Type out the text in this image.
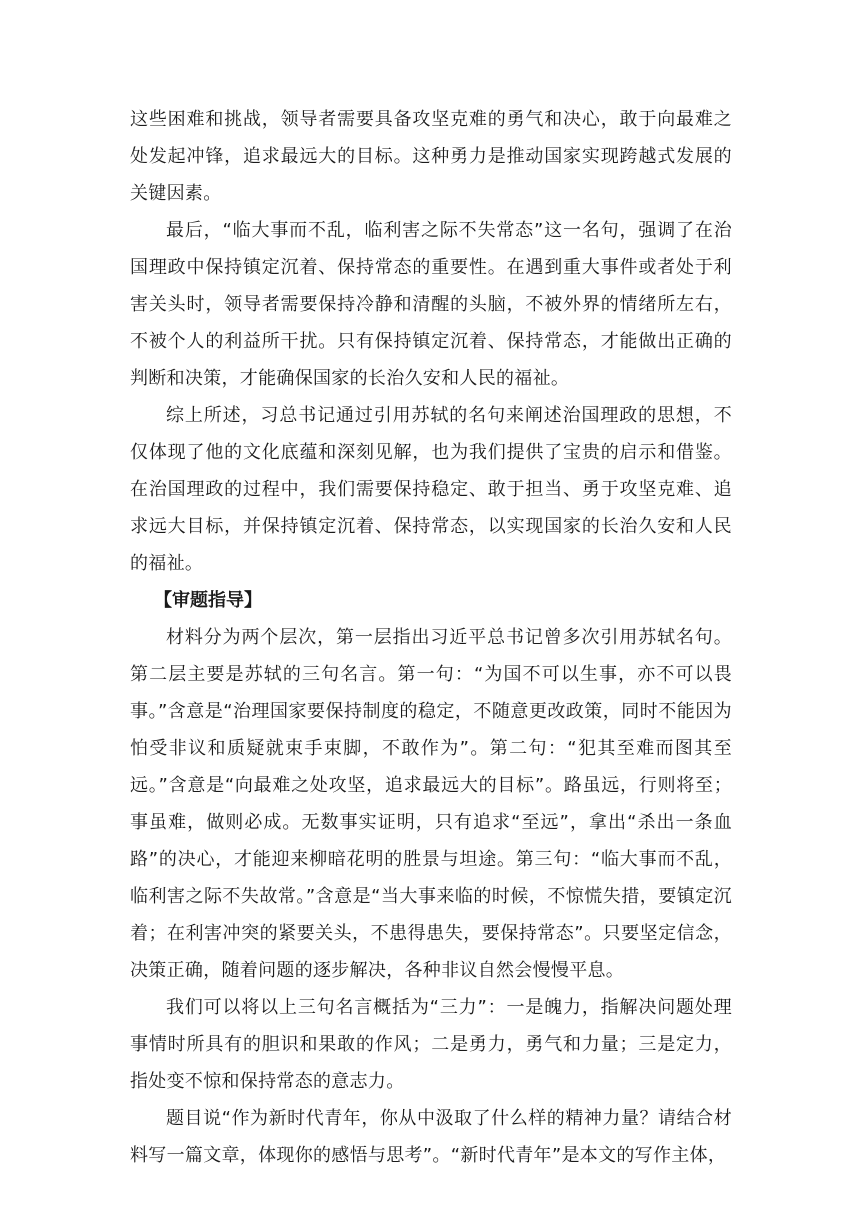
这些困难和挑战，领导者需要具备攻坚克难的勇气和决心，敢于向最难之处发起冲锋，追求最远大的目标。这种勇力是推动国家实现跨越式发展的关键因素。

最后，“临大事而不乱，临利害之际不失常态”这一名句，强调了在治国理政中保持镇定沉着、保持常态的重要性。在遇到重大事件或者处于利害关头时，领导者需要保持冷静和清醒的头脑，不被外界的情绪所左右，不被个人的利益所干扰。只有保持镇定沉着、保持常态，才能做出正确的判断和决策，才能确保国家的长治久安和人民的福祉。

综上所述，习总书记通过引用苏轼的名句来阐述治国理政的思想，不仅体现了他的文化底蕴和深刻见解，也为我们提供了宝贵的启示和借鉴。在治国理政的过程中，我们需要保持稳定、敢于担当、勇于攻坚克难、追求远大目标，并保持镇定沉着、保持常态，以实现国家的长治久安和人民的福祉。

【审题指导】

材料分为两个层次，第一层指出习近平总书记曾多次引用苏轼名句。第二层主要是苏轼的三句名言。第一句：“为国不可以生事，亦不可以畏事。”含意是“治理国家要保持制度的稳定，不随意更改政策，同时不能因为怕受非议和质疑就束手束脚，不敢作为”。第二句：“犯其至难而图其至远。”含意是“向最难之处攻坚，追求最远大的目标”。路虽远，行则将至；事虽难，做则必成。无数事实证明，只有追求“至远”，拿出“杀出一条血路”的决心，才能迎来柳暗花明的胜景与坦途。第三句：“临大事而不乱，临利害之际不失故常。”含意是“当大事来临的时候，不惊慌失措，要镇定沉着；在利害冲突的紧要关头，不患得患失，要保持常态”。只要坚定信念，决策正确，随着问题的逐步解决，各种非议自然会慢慢平息。

我们可以将以上三句名言概括为“三力”：一是魄力，指解决问题处理事情时所具有的胆识和果敢的作风；二是勇力，勇气和力量；三是定力，指处变不惊和保持常态的意志力。

题目说“作为新时代青年，你从中汲取了什么样的精神力量？请结合材料写一篇文章，体现你的感悟与思考”。“新时代青年”是本文的写作主体，
